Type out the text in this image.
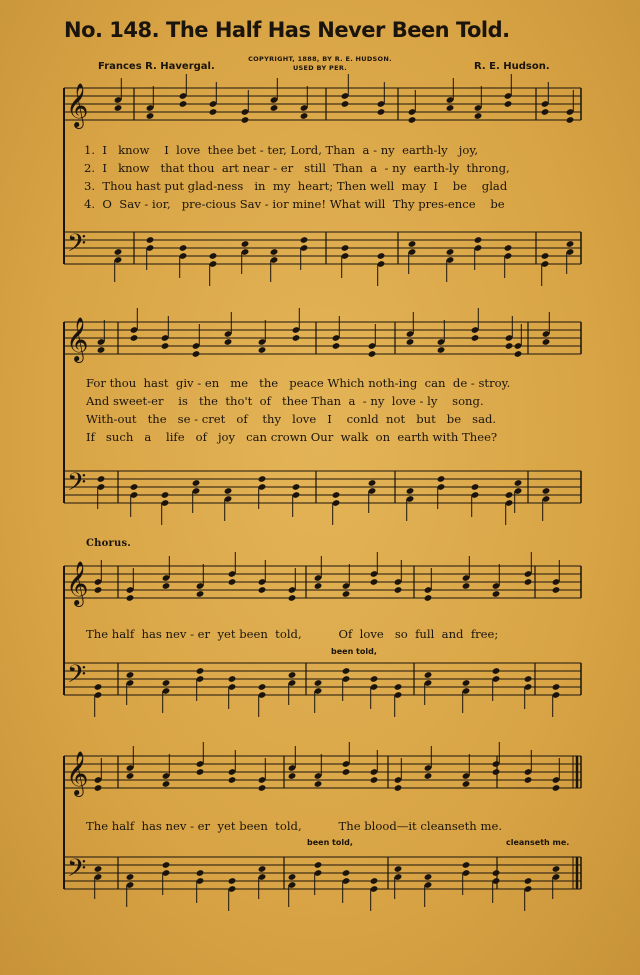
No. 148. The Half Has Never Been Told.
COPYRIGHT, 1888, BY R. E. HUDSON.
USED BY PER.
Frances R. Havergal.	R. E. Hudson.
𝄞
𝄢
𝄞
𝄢
𝄞
𝄢
𝄞
𝄢
1.  I   know    I  love  thee bet - ter, Lord, Than  a - ny  earth-ly   joy,
2.  I   know   that thou  art near - er   still  Than  a  - ny  earth-ly  throng,
3.  Thou hast put glad-ness   in  my  heart; Then well  may  I    be    glad
4.  O  Sav - ior,   pre-cious Sav - ior mine! What will  Thy pres-ence    be
For thou  hast  giv - en   me   the   peace Which noth-ing  can  de - stroy.
And sweet-er    is   the  tho't  of   thee Than  a  - ny  love - ly    song.
With-out   the   se - cret   of    thy   love   I    conld  not   but   be   sad.
If   such   a    life   of   joy   can crown Our  walk  on  earth with Thee?
Chorus.
The half  has nev - er  yet been  told,          Of  love   so  full  and  free;
been told,
The half  has nev - er  yet been  told,          The blood—it cleanseth me.
been told,	cleanseth me.
